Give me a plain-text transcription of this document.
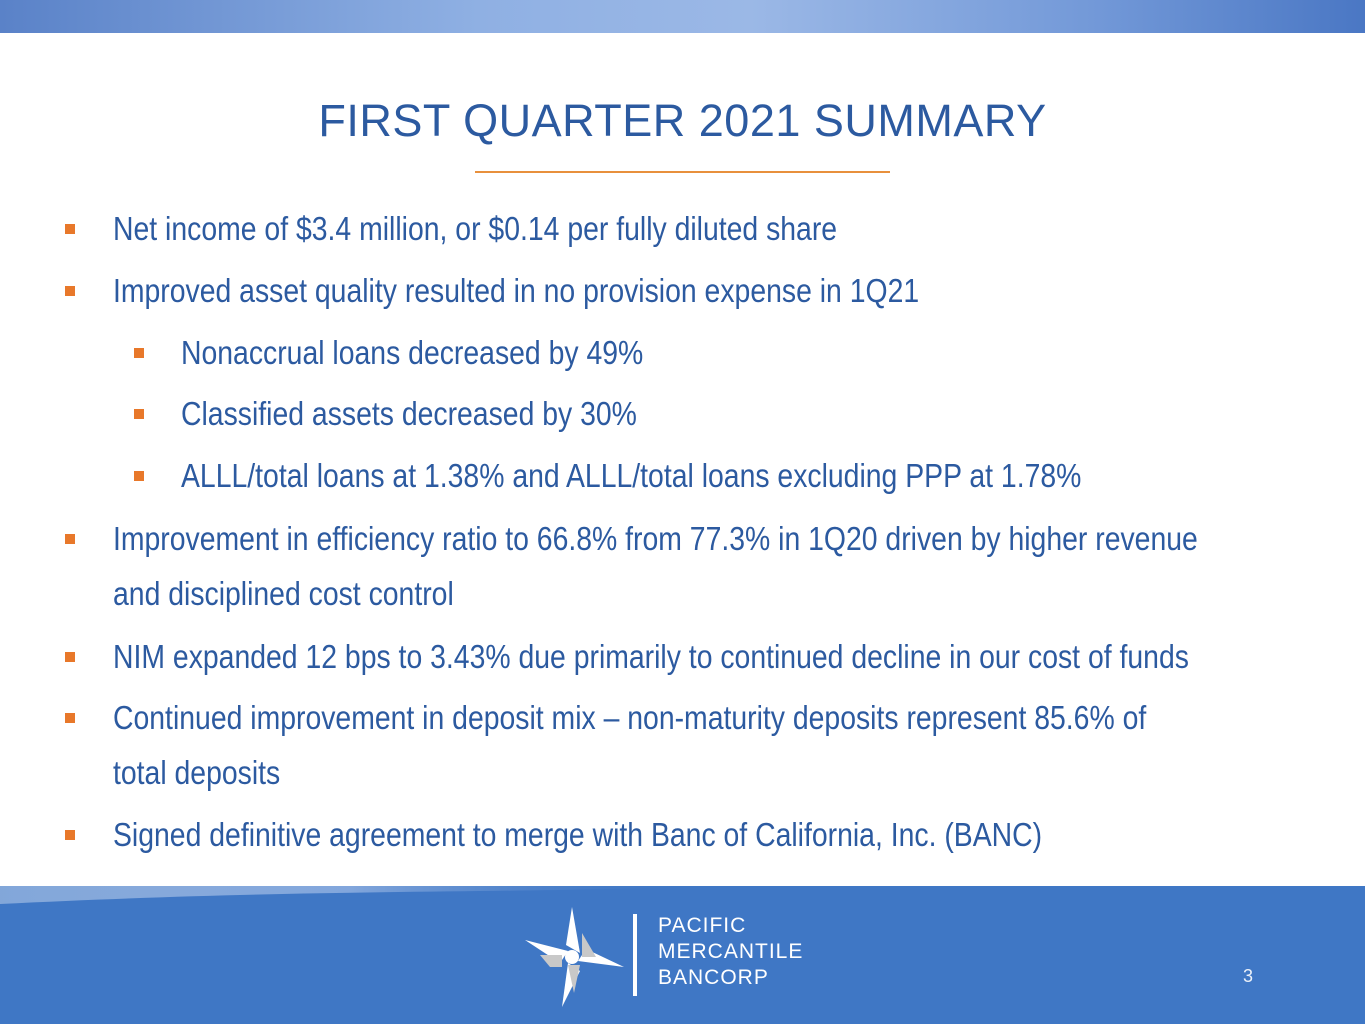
FIRST QUARTER 2021 SUMMARY
Net income of $3.4 million, or $0.14 per fully diluted share
Improved asset quality resulted in no provision expense in 1Q21
Nonaccrual loans decreased by 49%
Classified assets decreased by 30%
ALLL/total loans at 1.38% and ALLL/total loans excluding PPP at 1.78%
Improvement in efficiency ratio to 66.8% from 77.3% in 1Q20 driven by higher revenue
and disciplined cost control
NIM expanded 12 bps to 3.43% due primarily to continued decline in our cost of funds
Continued improvement in deposit mix – non-maturity deposits represent 85.6% of
total deposits
Signed definitive agreement to merge with Banc of California, Inc. (BANC)
PACIFIC
MERCANTILE
BANCORP	3
